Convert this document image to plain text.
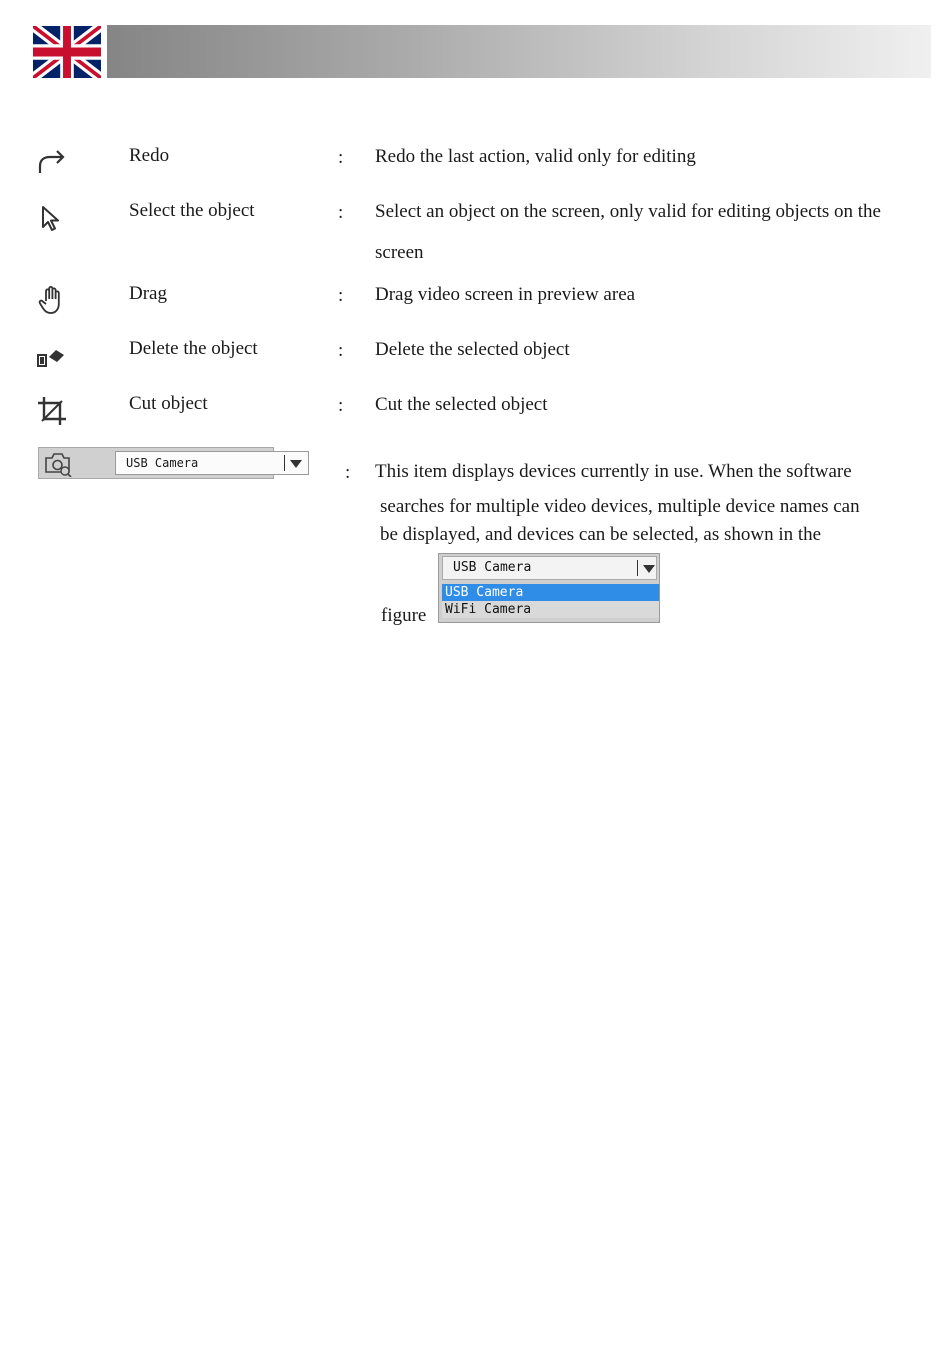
Redo	: Redo the last action, valid only for editing
Select the object	: Select an object on the screen, only valid for editing objects on the screen
Drag	: Drag video screen in preview area
Delete the object	: Delete the selected object
Cut object	: Cut the selected object
USB Camera	: This item displays devices currently in use. When the software
searches for multiple video devices, multiple device names can
be displayed, and devices can be selected, as shown in the
figure
USB Camera
USB Camera
WiFi Camera
